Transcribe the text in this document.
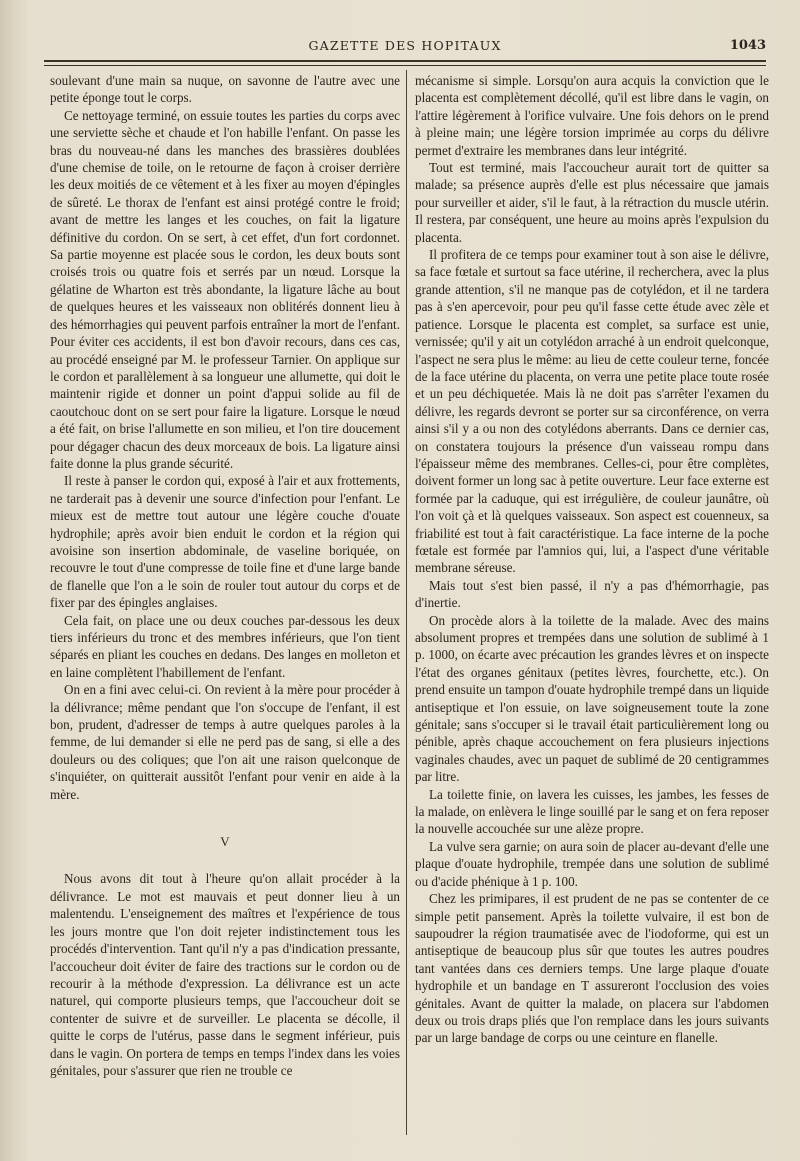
GAZETTE DES HOPITAUX	1043

soulevant d'une main sa nuque, on savonne de l'autre avec une petite éponge tout le corps.

Ce nettoyage terminé, on essuie toutes les parties du corps avec une serviette sèche et chaude et l'on habille l'enfant. On passe les bras du nouveau-né dans les manches des brassières doublées d'une chemise de toile, on le retourne de façon à croiser derrière les deux moitiés de ce vêtement et à les fixer au moyen d'épingles de sûreté. Le thorax de l'enfant est ainsi protégé contre le froid; avant de mettre les langes et les couches, on fait la ligature définitive du cordon. On se sert, à cet effet, d'un fort cordonnet. Sa partie moyenne est placée sous le cordon, les deux bouts sont croisés trois ou quatre fois et serrés par un nœud. Lorsque la gélatine de Wharton est très abondante, la ligature lâche au bout de quelques heures et les vaisseaux non oblitérés donnent lieu à des hémorrhagies qui peuvent parfois entraîner la mort de l'enfant. Pour éviter ces accidents, il est bon d'avoir recours, dans ces cas, au procédé enseigné par M. le professeur Tarnier. On applique sur le cordon et parallèlement à sa longueur une allumette, qui doit le maintenir rigide et donner un point d'appui solide au fil de caoutchouc dont on se sert pour faire la ligature. Lorsque le nœud a été fait, on brise l'allumette en son milieu, et l'on tire doucement pour dégager chacun des deux morceaux de bois. La ligature ainsi faite donne la plus grande sécurité.

Il reste à panser le cordon qui, exposé à l'air et aux frottements, ne tarderait pas à devenir une source d'infection pour l'enfant. Le mieux est de mettre tout autour une légère couche d'ouate hydrophile; après avoir bien enduit le cordon et la région qui avoisine son insertion abdominale, de vaseline boriquée, on recouvre le tout d'une compresse de toile fine et d'une large bande de flanelle que l'on a le soin de rouler tout autour du corps et de fixer par des épingles anglaises.

Cela fait, on place une ou deux couches par-dessous les deux tiers inférieurs du tronc et des membres inférieurs, que l'on tient séparés en pliant les couches en dedans. Des langes en molleton et en laine complètent l'habillement de l'enfant.

On en a fini avec celui-ci. On revient à la mère pour procéder à la délivrance; même pendant que l'on s'occupe de l'enfant, il est bon, prudent, d'adresser de temps à autre quelques paroles à la femme, de lui demander si elle ne perd pas de sang, si elle a des douleurs ou des coliques; que l'on ait une raison quelconque de s'inquiéter, on quitterait aussitôt l'enfant pour venir en aide à la mère.

V

Nous avons dit tout à l'heure qu'on allait procéder à la délivrance. Le mot est mauvais et peut donner lieu à un malentendu. L'enseignement des maîtres et l'expérience de tous les jours montre que l'on doit rejeter indistinctement tous les procédés d'intervention. Tant qu'il n'y a pas d'indication pressante, l'accoucheur doit éviter de faire des tractions sur le cordon ou de recourir à la méthode d'expression. La délivrance est un acte naturel, qui comporte plusieurs temps, que l'accoucheur doit se contenter de suivre et de surveiller. Le placenta se décolle, il quitte le corps de l'utérus, passe dans le segment inférieur, puis dans le vagin. On portera de temps en temps l'index dans les voies génitales, pour s'assurer que rien ne trouble ce

mécanisme si simple. Lorsqu'on aura acquis la conviction que le placenta est complètement décollé, qu'il est libre dans le vagin, on l'attire légèrement à l'orifice vulvaire. Une fois dehors on le prend à pleine main; une légère torsion imprimée au corps du délivre permet d'extraire les membranes dans leur intégrité.

Tout est terminé, mais l'accoucheur aurait tort de quitter sa malade; sa présence auprès d'elle est plus nécessaire que jamais pour surveiller et aider, s'il le faut, à la rétraction du muscle utérin. Il restera, par conséquent, une heure au moins après l'expulsion du placenta.

Il profitera de ce temps pour examiner tout à son aise le délivre, sa face fœtale et surtout sa face utérine, il recherchera, avec la plus grande attention, s'il ne manque pas de cotylédon, et il ne tardera pas à s'en apercevoir, pour peu qu'il fasse cette étude avec zèle et patience. Lorsque le placenta est complet, sa surface est unie, vernissée; qu'il y ait un cotylédon arraché à un endroit quelconque, l'aspect ne sera plus le même: au lieu de cette couleur terne, foncée de la face utérine du placenta, on verra une petite place toute rosée et un peu déchiquetée. Mais là ne doit pas s'arrêter l'examen du délivre, les regards devront se porter sur sa circonférence, on verra ainsi s'il y a ou non des cotylédons aberrants. Dans ce dernier cas, on constatera toujours la présence d'un vaisseau rompu dans l'épaisseur même des membranes. Celles-ci, pour être complètes, doivent former un long sac à petite ouverture. Leur face externe est formée par la caduque, qui est irrégulière, de couleur jaunâtre, où l'on voit çà et là quelques vaisseaux. Son aspect est couenneux, sa friabilité est tout à fait caractéristique. La face interne de la poche fœtale est formée par l'amnios qui, lui, a l'aspect d'une véritable membrane séreuse.

Mais tout s'est bien passé, il n'y a pas d'hémorrhagie, pas d'inertie.

On procède alors à la toilette de la malade. Avec des mains absolument propres et trempées dans une solution de sublimé à 1 p. 1000, on écarte avec précaution les grandes lèvres et on inspecte l'état des organes génitaux (petites lèvres, fourchette, etc.). On prend ensuite un tampon d'ouate hydrophile trempé dans un liquide antiseptique et l'on essuie, on lave soigneusement toute la zone génitale; sans s'occuper si le travail était particulièrement long ou pénible, après chaque accouchement on fera plusieurs injections vaginales chaudes, avec un paquet de sublimé de 20 centigrammes par litre.

La toilette finie, on lavera les cuisses, les jambes, les fesses de la malade, on enlèvera le linge souillé par le sang et on fera reposer la nouvelle accouchée sur une alèze propre.

La vulve sera garnie; on aura soin de placer au-devant d'elle une plaque d'ouate hydrophile, trempée dans une solution de sublimé ou d'acide phénique à 1 p. 100.

Chez les primipares, il est prudent de ne pas se contenter de ce simple petit pansement. Après la toilette vulvaire, il est bon de saupoudrer la région traumatisée avec de l'iodoforme, qui est un antiseptique de beaucoup plus sûr que toutes les autres poudres tant vantées dans ces derniers temps. Une large plaque d'ouate hydrophile et un bandage en T assureront l'occlusion des voies génitales. Avant de quitter la malade, on placera sur l'abdomen deux ou trois draps pliés que l'on remplace dans les jours suivants par un large bandage de corps ou une ceinture en flanelle.
